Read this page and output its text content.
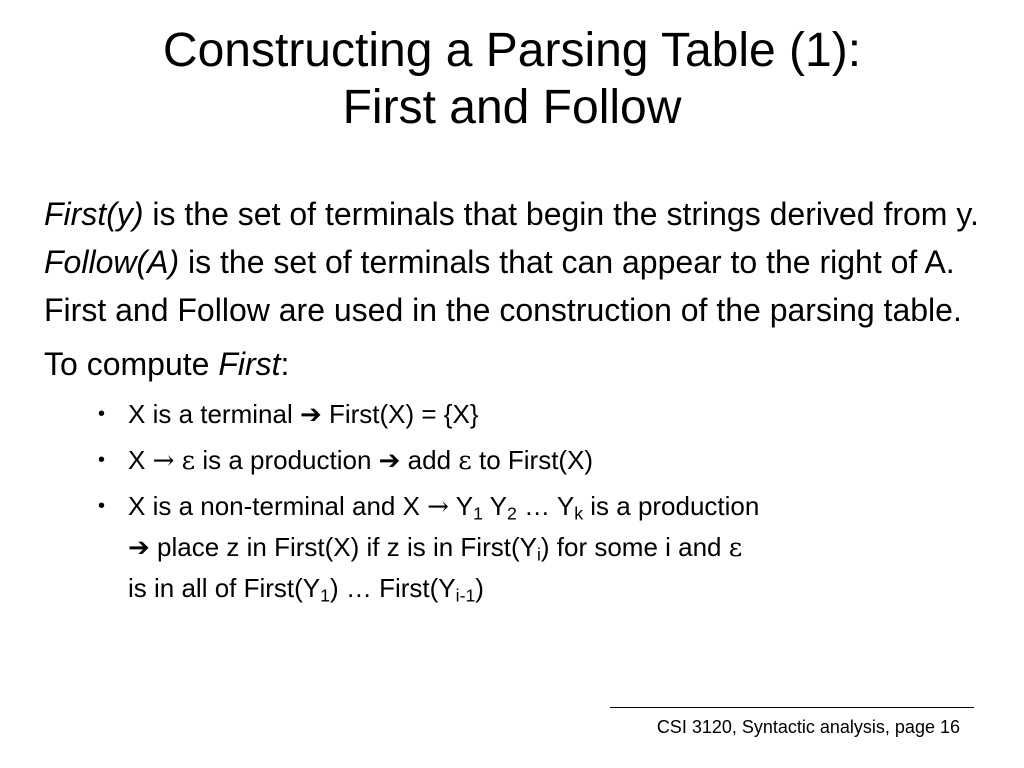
Constructing a Parsing Table (1):
First and Follow

First(y) is the set of terminals that begin the strings derived from y. Follow(A) is the set of terminals that can appear to the right of A. First and Follow are used in the construction of the parsing table.

To compute First:

• X is a terminal ➔ First(X) = {X}
• X → ε is a production ➔ add ε to First(X)
• X is a non-terminal and $X \to Y_1$ $Y_2$ … $Y_k$ is a production
➔ place z in First(X) if z is in $First(Y_i)$ for some i and ε
is in all of $First(Y_1)$ … $First(Y_{i-1})$
CSI 3120, Syntactic analysis, page 16
